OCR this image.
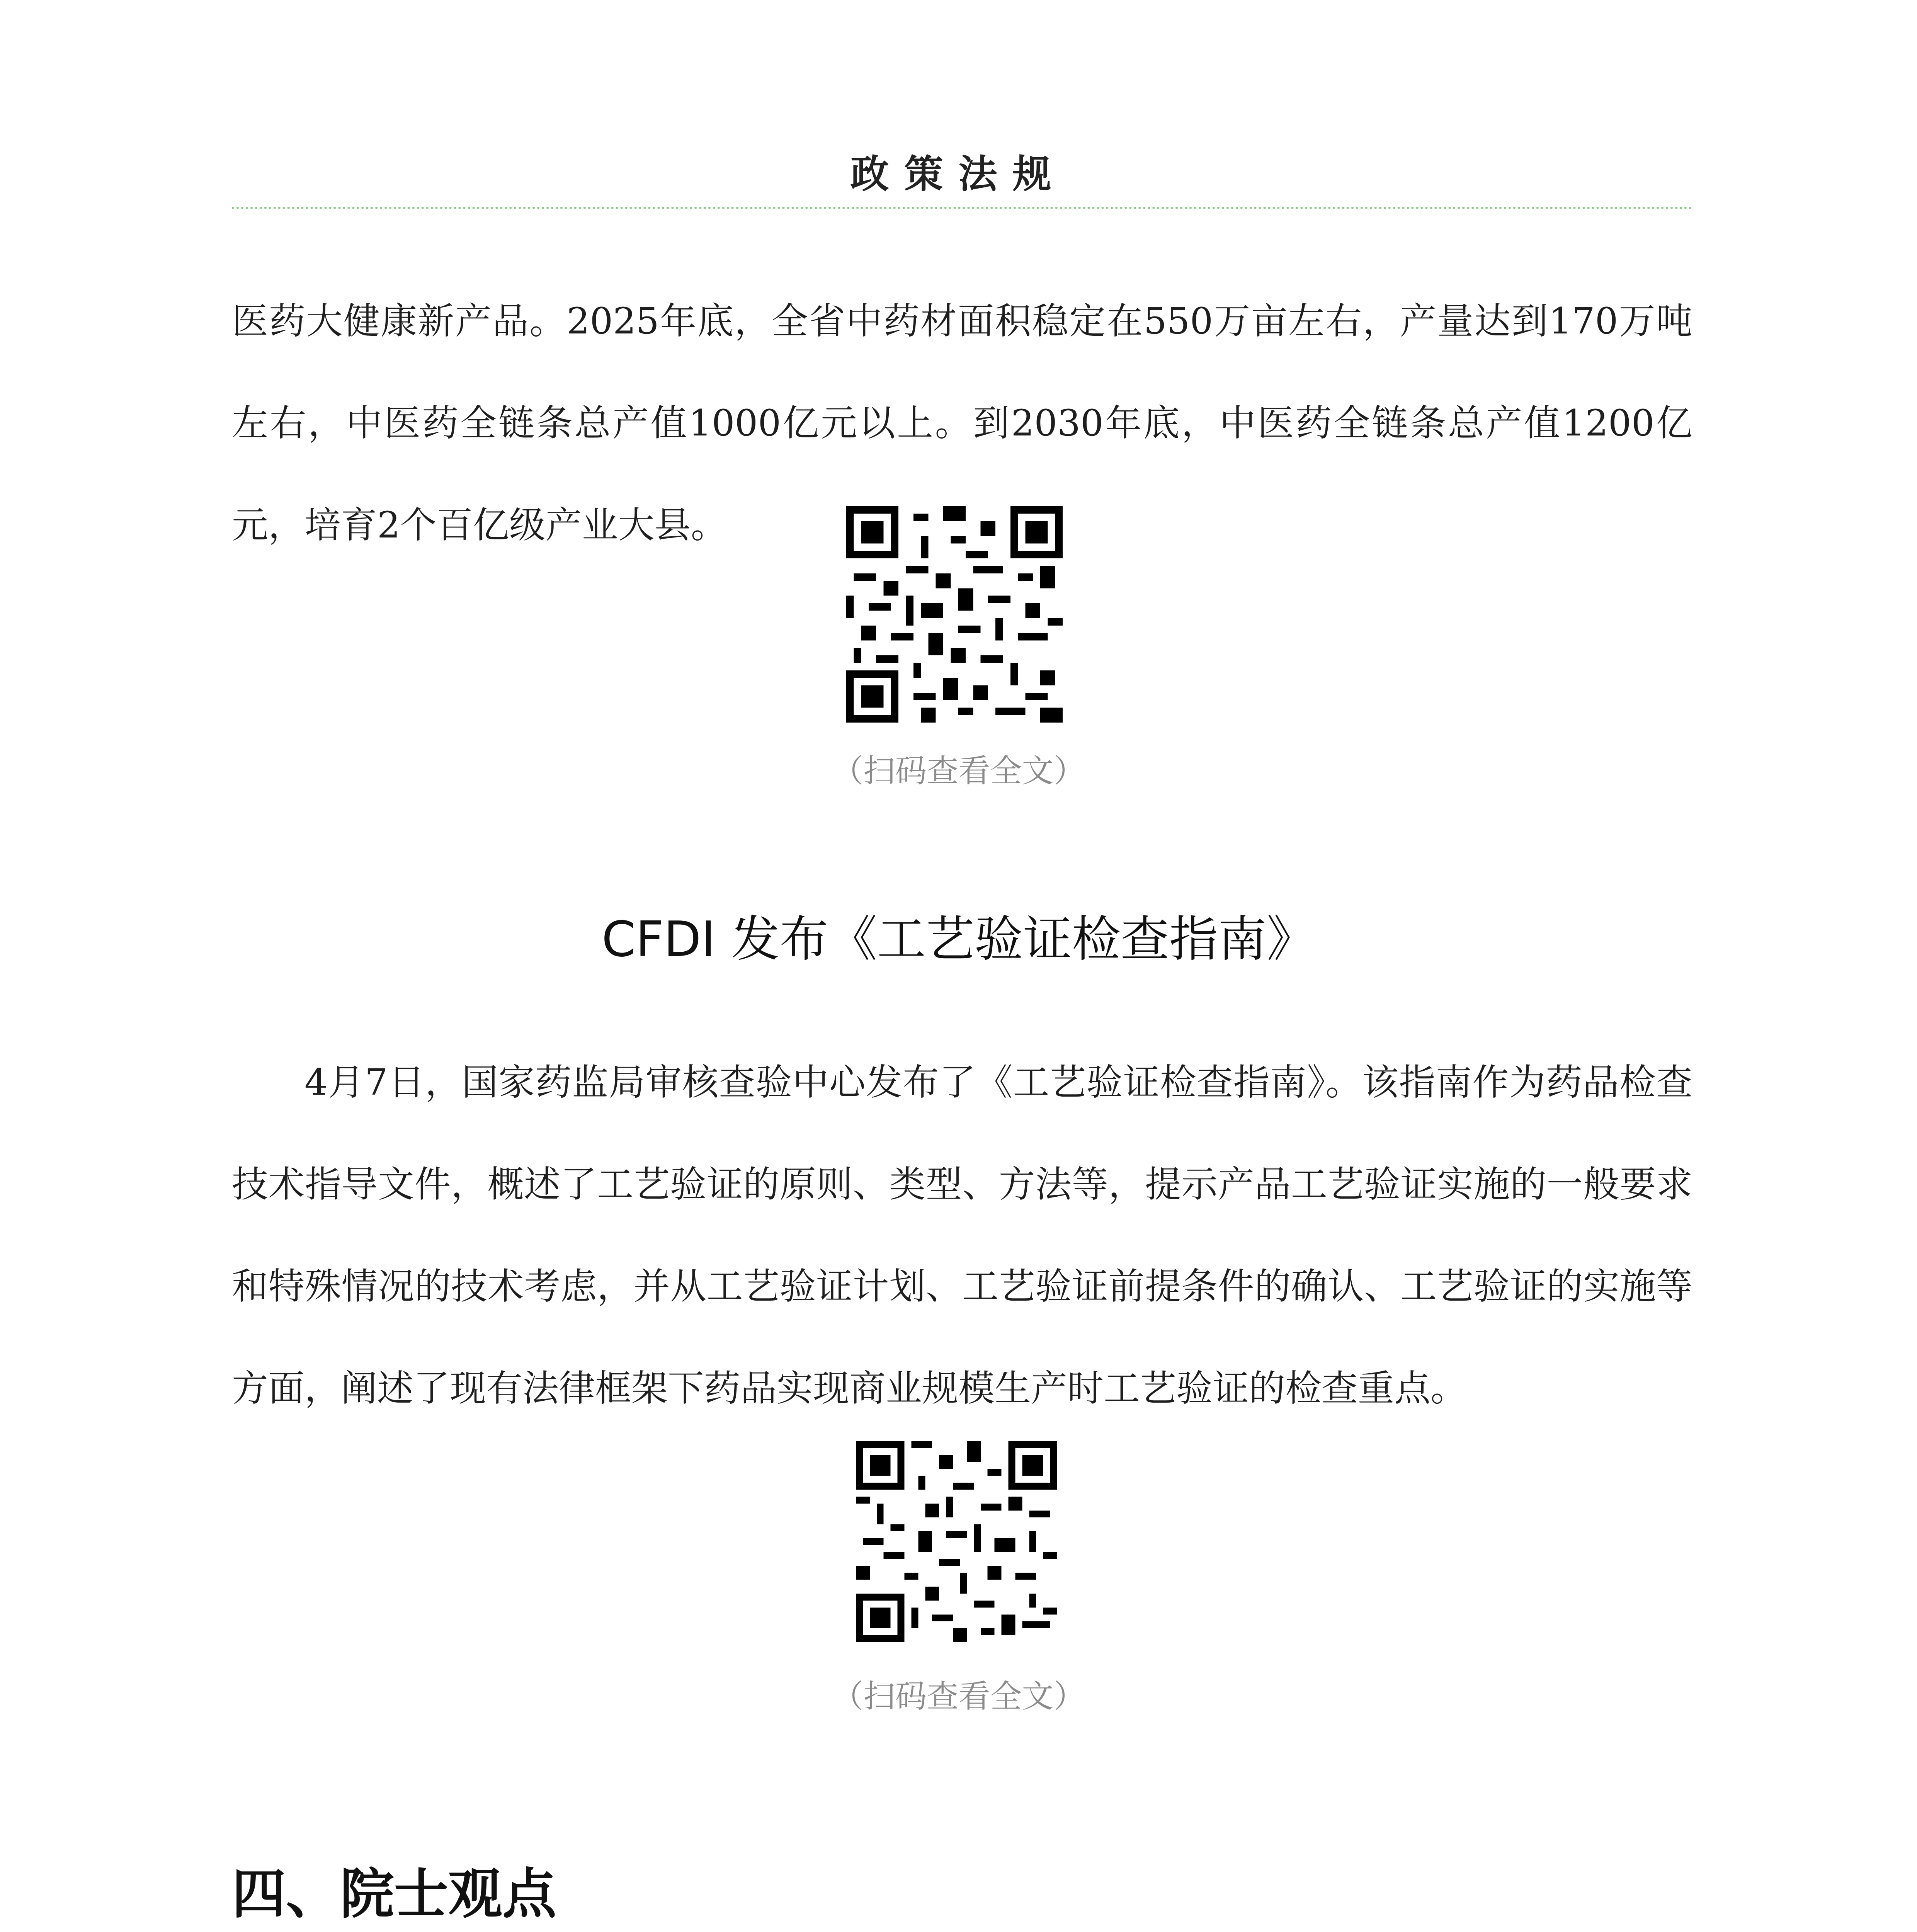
政策法规

医药大健康新产品。2025年底，全省中药材面积稳定在550万亩左右，产量达到170万吨左右，中医药全链条总产值1000亿元以上。到2030年底，中医药全链条总产值1200亿元，培育2个百亿级产业大县。

（扫码查看全文）
CFDI 发布《工艺验证检查指南》

4月7日，国家药监局审核查验中心发布了《工艺验证检查指南》。该指南作为药品检查技术指导文件，概述了工艺验证的原则、类型、方法等，提示产品工艺验证实施的一般要求和特殊情况的技术考虑，并从工艺验证计划、工艺验证前提条件的确认、工艺验证的实施等方面，阐述了现有法律框架下药品实现商业规模生产时工艺验证的检查重点。

（扫码查看全文）
四、院士观点
